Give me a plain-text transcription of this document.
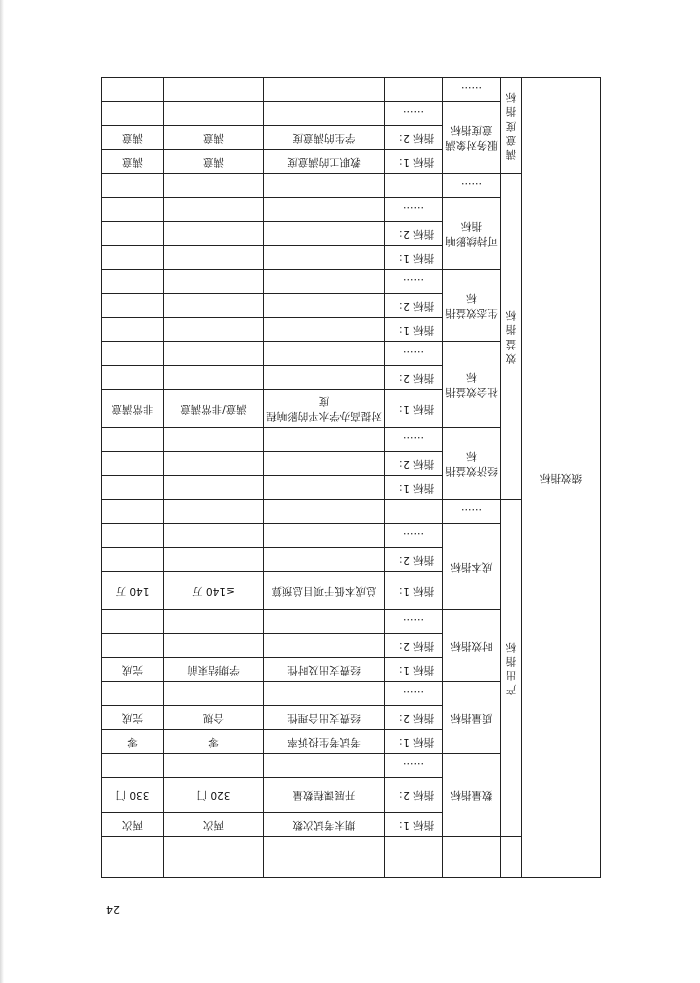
绩效指标						
	产出指标	数量指标	指标 1：	期末考试次数	两次	两次
			指标 2：	开展课程数量	320 门	330 门
			……			
		质量指标	指标 1：	考试考生投诉率	零	零
			指标 2：	经费支出合理性	合规	完成
			……			
		时效指标	指标 1：	经费支出及时性	学期结束前	完成
			指标 2：			
			……			
		成本指标	指标 1：	总成本低于项目总预算	≤140 万	140 万
			指标 2：			
			……			
		……				
	效益指标	经济效益指标	指标 1：			
			指标 2：			
			……			
		社会效益指标	指标 1：	对提高办学水平的影响程度	满意/非常满意	非常满意
			指标 2：			
			……			
		生态效益指标	指标 1：			
			指标 2：			
			……			
		可持续影响指标	指标 1：			
			指标 2：			
			……			
		……				
	满意度指标	服务对象满意度指标	指标 1：	教职工的满意度	满意	满意
			指标 2：	学生的满意度	满意	满意
			……			
		……				
24
